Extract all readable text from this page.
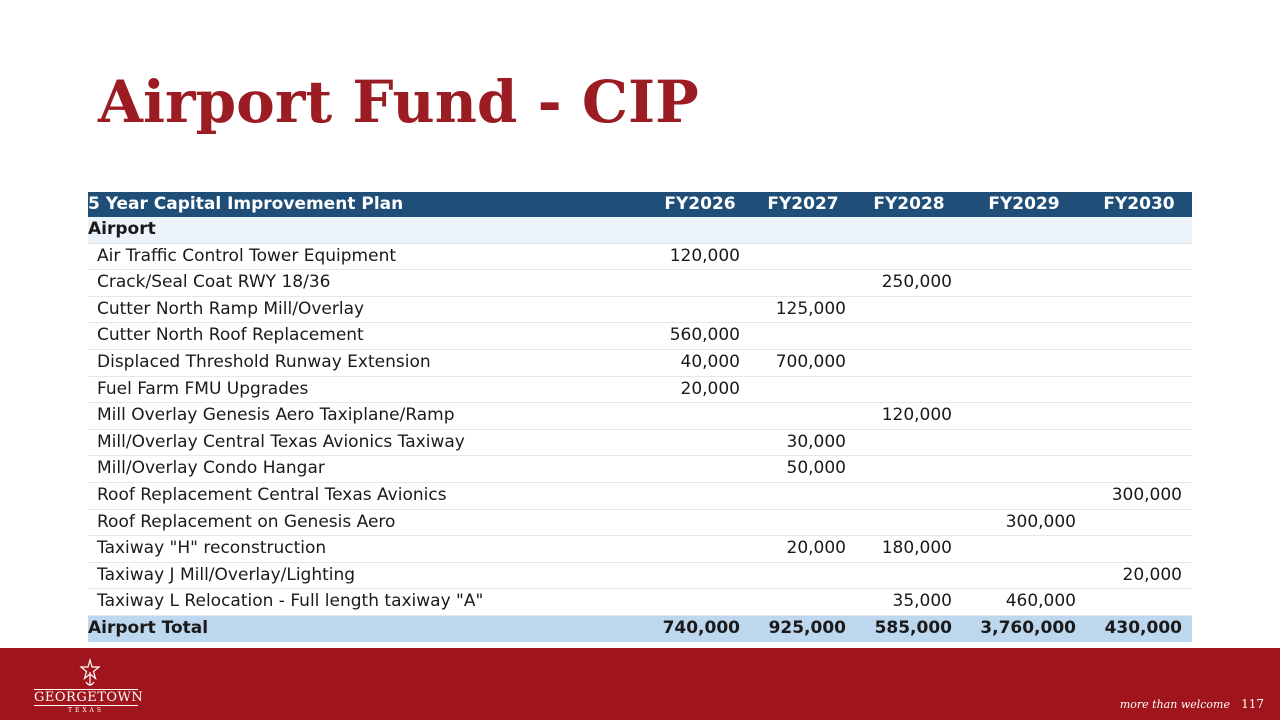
Airport Fund - CIP
5 Year Capital Improvement Plan	FY2026	FY2027	FY2028	FY2029	FY2030
Airport					
Air Traffic Control Tower Equipment	120,000				
Crack/Seal Coat RWY 18/36			250,000		
Cutter North Ramp Mill/Overlay		125,000			
Cutter North Roof Replacement	560,000				
Displaced Threshold Runway Extension	40,000	700,000			
Fuel Farm FMU Upgrades	20,000				
Mill Overlay Genesis Aero Taxiplane/Ramp			120,000		
Mill/Overlay Central Texas Avionics Taxiway		30,000			
Mill/Overlay Condo Hangar		50,000			
Roof Replacement Central Texas Avionics					300,000
Roof Replacement on Genesis Aero				300,000	
Taxiway "H" reconstruction		20,000	180,000		
Taxiway J Mill/Overlay/Lighting					20,000
Taxiway L Relocation - Full length taxiway "A"			35,000	460,000	
Airport Total	740,000	925,000	585,000	3,760,000	430,000
GEORGETOWN
TEXAS	more than welcome 117
